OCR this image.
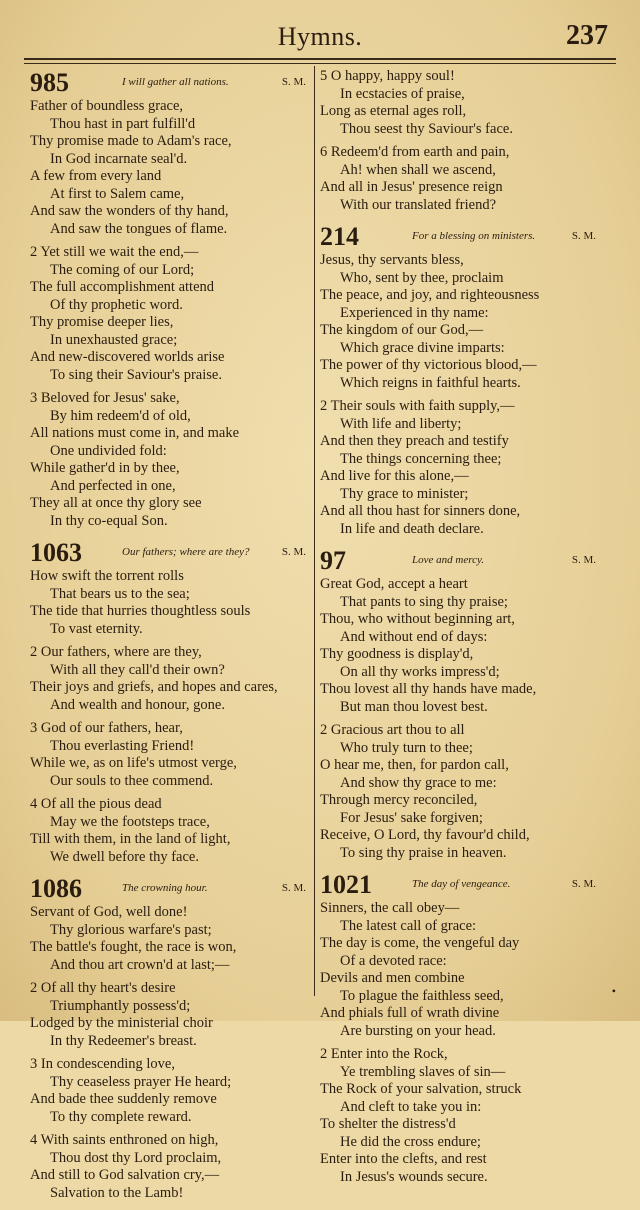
Hymns.	237
985	I will gather all nations.	S. M.
Father of boundless grace,
Thou hast in part fulfill'd
Thy promise made to Adam's race,
In God incarnate seal'd.
A few from every land
At first to Salem came,
And saw the wonders of thy hand,
And saw the tongues of flame.
2 Yet still we wait the end,—
The coming of our Lord;
The full accomplishment attend
Of thy prophetic word.
Thy promise deeper lies,
In unexhausted grace;
And new-discovered worlds arise
To sing their Saviour's praise.
3 Beloved for Jesus' sake,
By him redeem'd of old,
All nations must come in, and make
One undivided fold:
While gather'd in by thee,
And perfected in one,
They all at once thy glory see
In thy co-equal Son.
1063	Our fathers; where are they?	S. M.
How swift the torrent rolls
That bears us to the sea;
The tide that hurries thoughtless souls
To vast eternity.
2 Our fathers, where are they,
With all they call'd their own?
Their joys and griefs, and hopes and cares,
And wealth and honour, gone.
3 God of our fathers, hear,
Thou everlasting Friend!
While we, as on life's utmost verge,
Our souls to thee commend.
4 Of all the pious dead
May we the footsteps trace,
Till with them, in the land of light,
We dwell before thy face.
1086	The crowning hour.	S. M.
Servant of God, well done!
Thy glorious warfare's past;
The battle's fought, the race is won,
And thou art crown'd at last;—
2 Of all thy heart's desire
Triumphantly possess'd;
Lodged by the ministerial choir
In thy Redeemer's breast.
3 In condescending love,
Thy ceaseless prayer He heard;
And bade thee suddenly remove
To thy complete reward.
4 With saints enthroned on high,
Thou dost thy Lord proclaim,
And still to God salvation cry,—
Salvation to the Lamb!
5 O happy, happy soul!
In ecstacies of praise,
Long as eternal ages roll,
Thou seest thy Saviour's face.
6 Redeem'd from earth and pain,
Ah! when shall we ascend,
And all in Jesus' presence reign
With our translated friend?
214	For a blessing on ministers.	S. M.
Jesus, thy servants bless,
Who, sent by thee, proclaim
The peace, and joy, and righteousness
Experienced in thy name:
The kingdom of our God,—
Which grace divine imparts:
The power of thy victorious blood,—
Which reigns in faithful hearts.
2 Their souls with faith supply,—
With life and liberty;
And then they preach and testify
The things concerning thee;
And live for this alone,—
Thy grace to minister;
And all thou hast for sinners done,
In life and death declare.
97	Love and mercy.	S. M.
Great God, accept a heart
That pants to sing thy praise;
Thou, who without beginning art,
And without end of days:
Thy goodness is display'd,
On all thy works impress'd;
Thou lovest all thy hands have made,
But man thou lovest best.
2 Gracious art thou to all
Who truly turn to thee;
O hear me, then, for pardon call,
And show thy grace to me:
Through mercy reconciled,
For Jesus' sake forgiven;
Receive, O Lord, thy favour'd child,
To sing thy praise in heaven.
1021	The day of vengeance.	S. M.
Sinners, the call obey—
The latest call of grace:
The day is come, the vengeful day
Of a devoted race:
Devils and men combine
To plague the faithless seed,
And phials full of wrath divine
Are bursting on your head.
2 Enter into the Rock,
Ye trembling slaves of sin—
The Rock of your salvation, struck
And cleft to take you in:
To shelter the distress'd
He did the cross endure;
Enter into the clefts, and rest
In Jesus's wounds secure.
•
